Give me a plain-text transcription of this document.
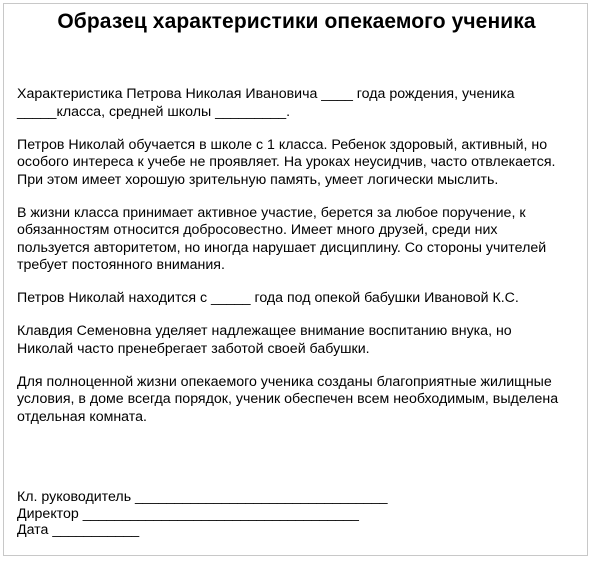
Образец характеристики опекаемого ученика

Характеристика Петрова Николая Ивановича ____ года рождения, ученика
_____класса, средней школы _________.

Петров Николай обучается в школе с 1 класса. Ребенок здоровый, активный, но
особого интереса к учебе не проявляет. На уроках неусидчив, часто отвлекается.
При этом имеет хорошую зрительную память, умеет логически мыслить.

В жизни класса принимает активное участие, берется за любое поручение, к
обязанностям относится добросовестно. Имеет много друзей, среди них
пользуется авторитетом, но иногда нарушает дисциплину. Со стороны учителей
требует постоянного внимания.

Петров Николай находится с _____ года под опекой бабушки Ивановой К.С.

Клавдия Семеновна уделяет надлежащее внимание воспитанию внука, но
Николай часто пренебрегает заботой своей бабушки.

Для полноценной жизни опекаемого ученика созданы благоприятные жилищные
условия, в доме всегда порядок, ученик обеспечен всем необходимым, выделена
отдельная комната.

Кл. руководитель ________________________________
Директор ___________________________________
Дата ___________
